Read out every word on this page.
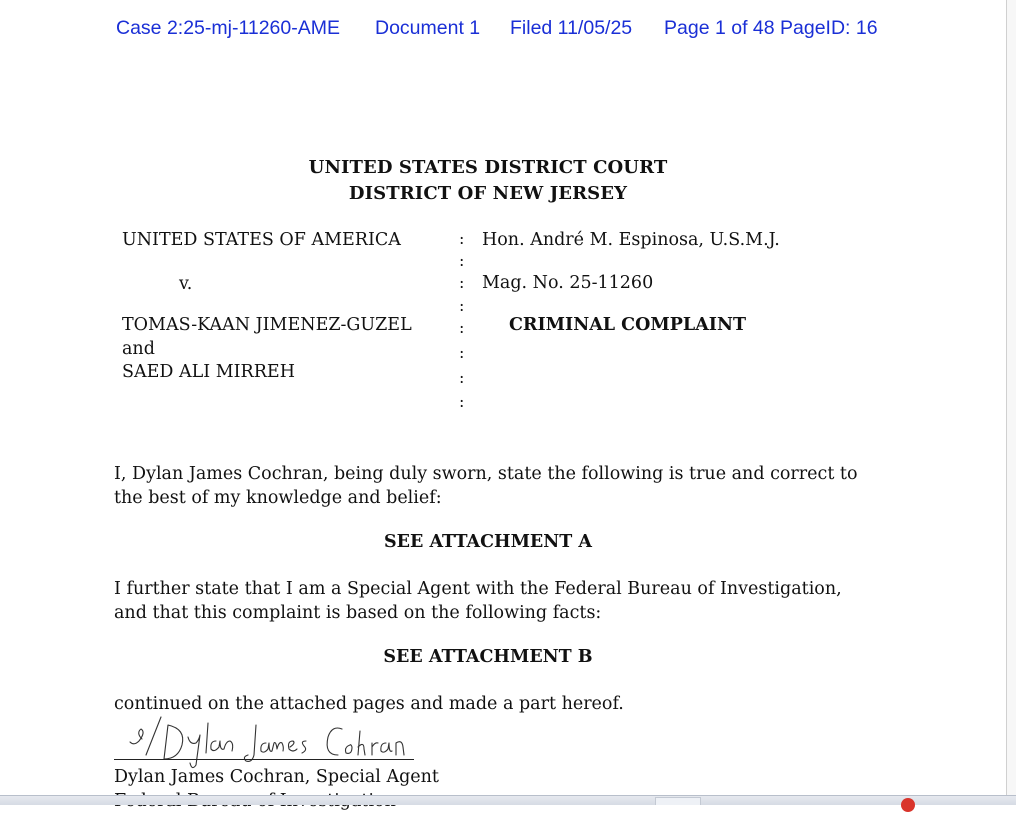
Case 2:25-mj-11260-AME Document 1 Filed 11/05/25 Page 1 of 48 PageID: 16
UNITED STATES DISTRICT COURT
DISTRICT OF NEW JERSEY
UNITED STATES OF AMERICA
v.
TOMAS-KAAN JIMENEZ-GUZEL
and
SAED ALI MIRREH
:
:
:
:
:
:
:
:
Hon. André M. Espinosa, U.S.M.J.
Mag. No. 25-11260
CRIMINAL COMPLAINT
I, Dylan James Cochran, being duly sworn, state the following is true and correct to
the best of my knowledge and belief:
SEE ATTACHMENT A
I further state that I am a Special Agent with the Federal Bureau of Investigation,
and that this complaint is based on the following facts:
SEE ATTACHMENT B
continued on the attached pages and made a part hereof.
Dylan James Cochran, Special Agent
